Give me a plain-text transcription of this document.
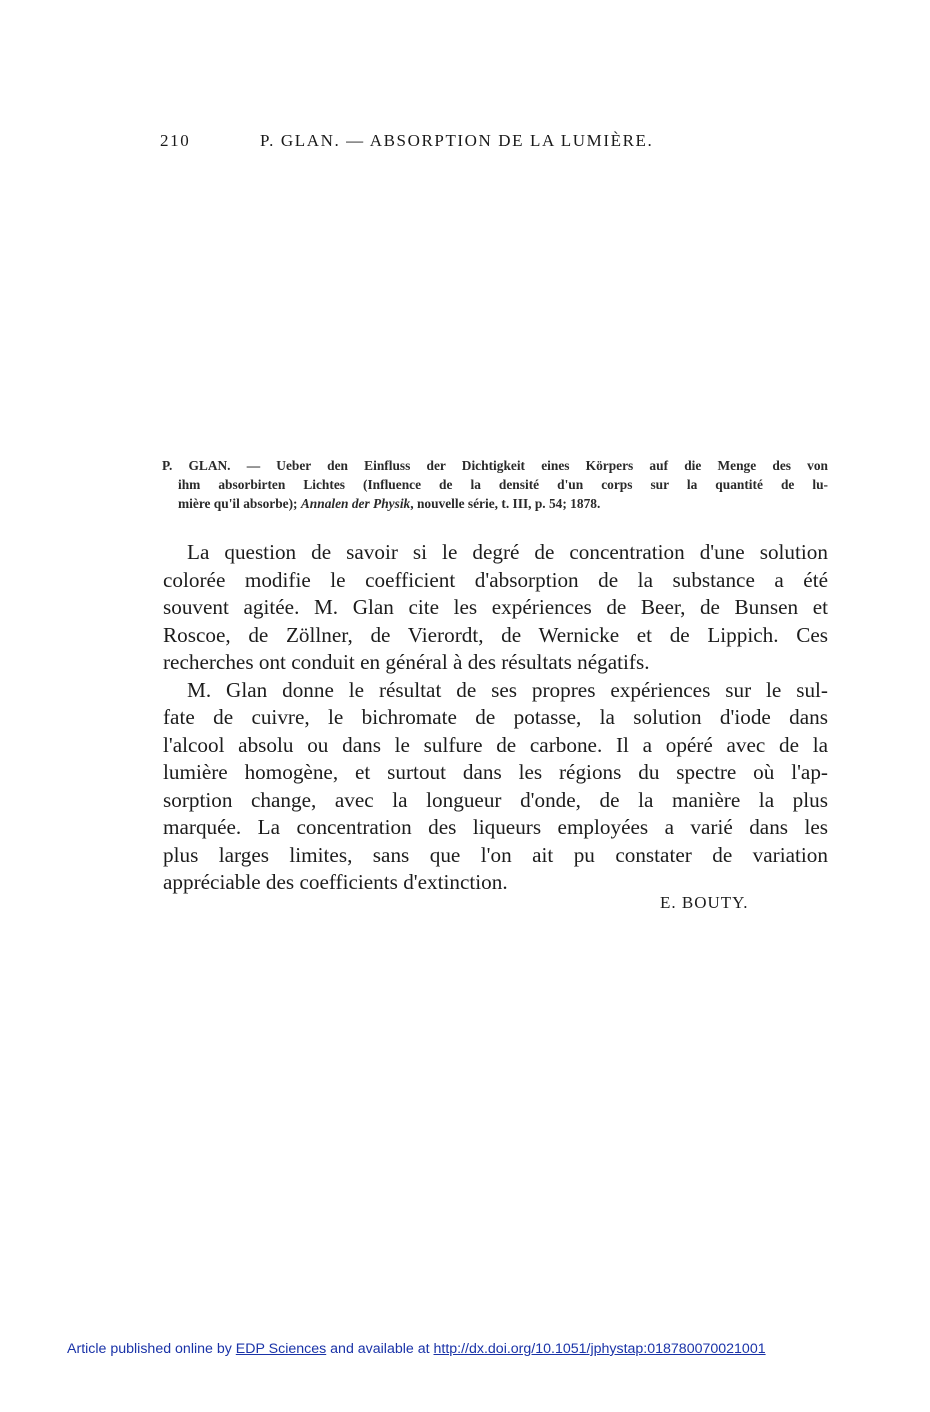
210	P. GLAN. — ABSORPTION DE LA LUMIÈRE.
P. GLAN. — Ueber den Einfluss der Dichtigkeit eines Körpers auf die Menge des von
ihm absorbirten Lichtes (Influence de la densité d'un corps sur la quantité de lu-
mière qu'il absorbe); Annalen der Physik, nouvelle série, t. III, p. 54; 1878.
La question de savoir si le degré de concentration d'une solution
colorée modifie le coefficient d'absorption de la substance a été
souvent agitée. M. Glan cite les expériences de Beer, de Bunsen et
Roscoe, de Zöllner, de Vierordt, de Wernicke et de Lippich. Ces
recherches ont conduit en général à des résultats négatifs.
M. Glan donne le résultat de ses propres expériences sur le sul-
fate de cuivre, le bichromate de potasse, la solution d'iode dans
l'alcool absolu ou dans le sulfure de carbone. Il a opéré avec de la
lumière homogène, et surtout dans les régions du spectre où l'ap-
sorption change, avec la longueur d'onde, de la manière la plus
marquée. La concentration des liqueurs employées a varié dans les
plus larges limites, sans que l'on ait pu constater de variation
appréciable des coefficients d'extinction.
E. BOUTY.
Article published online by EDP Sciences and available at http://dx.doi.org/10.1051/jphystap:018780070021001
